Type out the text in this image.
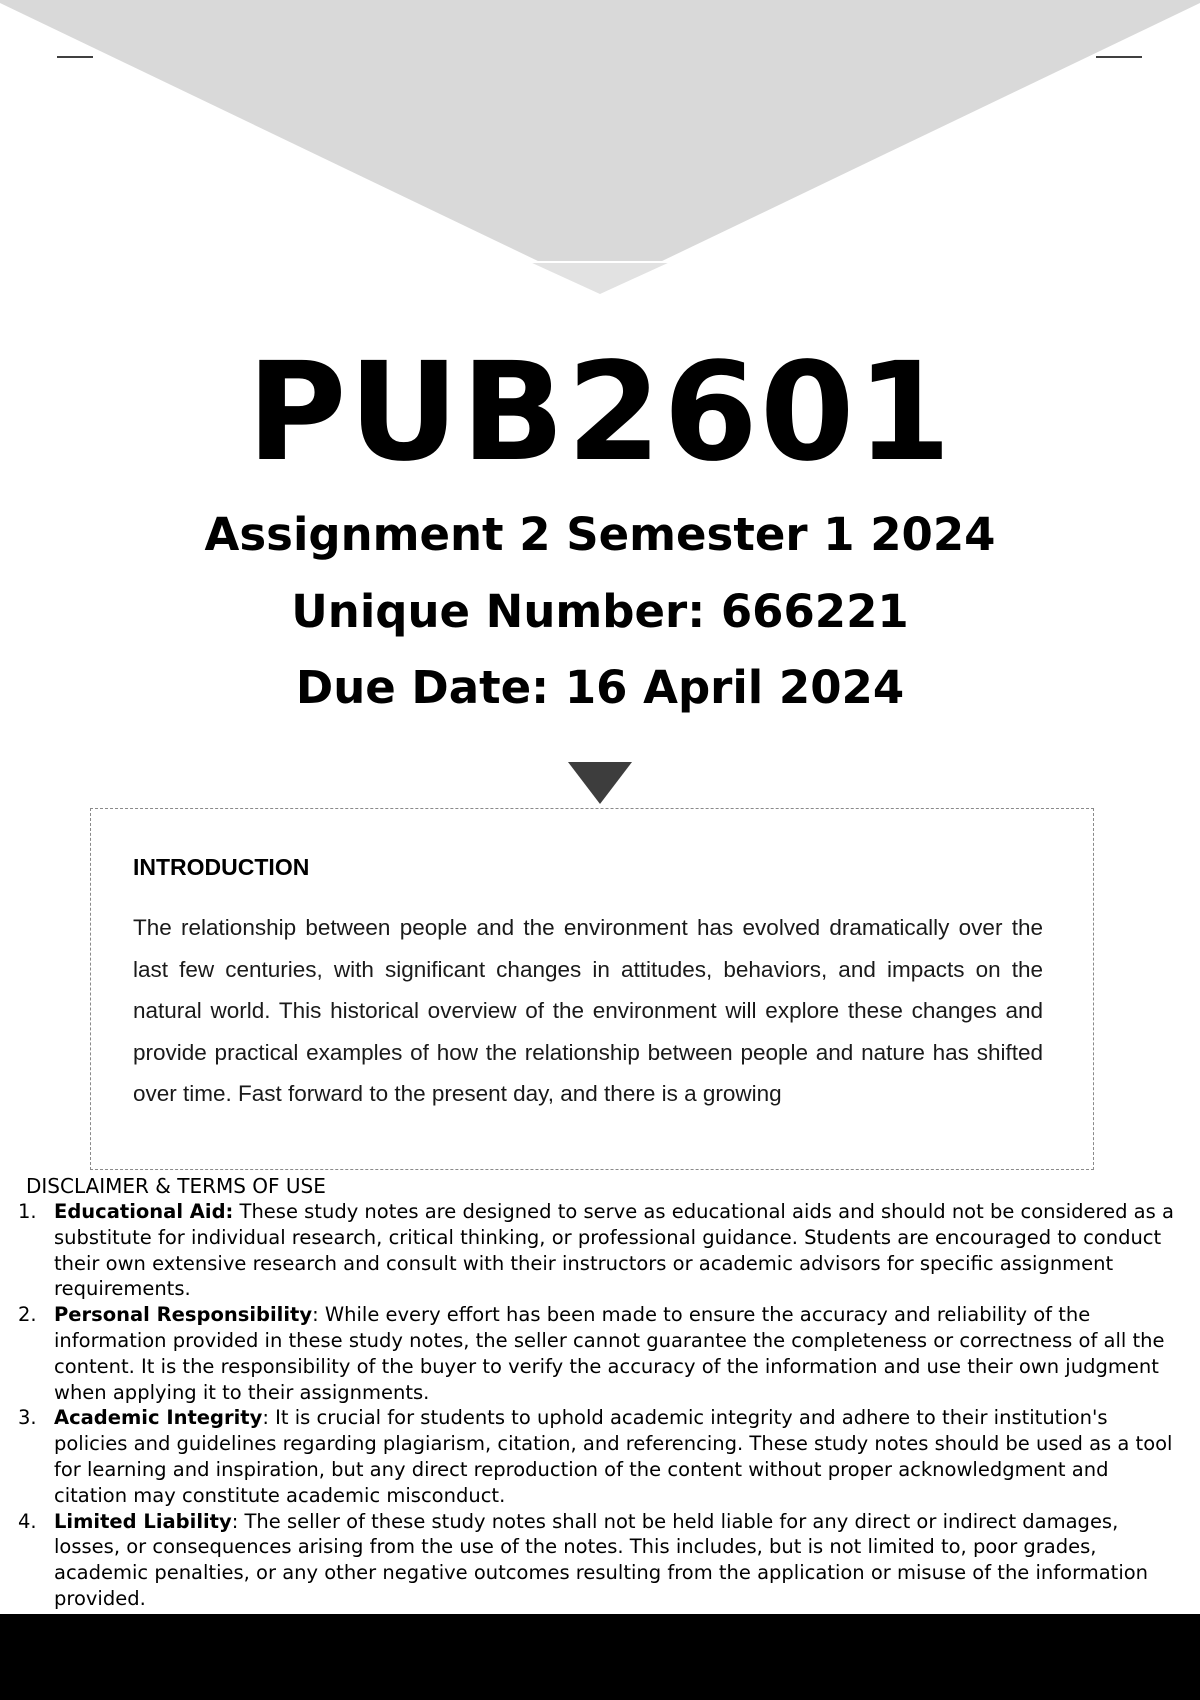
PUB2601
Assignment 2 Semester 1 2024
Unique Number: 666221
Due Date: 16 April 2024
INTRODUCTION

The relationship between people and the environment has evolved dramatically over the last few centuries, with significant changes in attitudes, behaviors, and impacts on the natural world. This historical overview of the environment will explore these changes and provide practical examples of how the relationship between people and nature has shifted over time. Fast forward to the present day, and there is a growing

DISCLAIMER & TERMS OF USE
1. Educational Aid: These study notes are designed to serve as educational aids and should not be considered as a substitute for individual research, critical thinking, or professional guidance. Students are encouraged to conduct their own extensive research and consult with their instructors or academic advisors for specific assignment requirements.
2. Personal Responsibility: While every effort has been made to ensure the accuracy and reliability of the information provided in these study notes, the seller cannot guarantee the completeness or correctness of all the content. It is the responsibility of the buyer to verify the accuracy of the information and use their own judgment when applying it to their assignments.
3. Academic Integrity: It is crucial for students to uphold academic integrity and adhere to their institution's policies and guidelines regarding plagiarism, citation, and referencing. These study notes should be used as a tool for learning and inspiration, but any direct reproduction of the content without proper acknowledgment and citation may constitute academic misconduct.
4. Limited Liability: The seller of these study notes shall not be held liable for any direct or indirect damages, losses, or consequences arising from the use of the notes. This includes, but is not limited to, poor grades, academic penalties, or any other negative outcomes resulting from the application or misuse of the information provided.
